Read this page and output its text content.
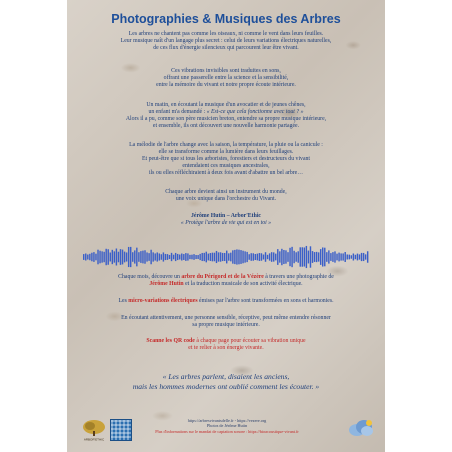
Photographies & Musiques des Arbres

Les arbres ne chantent pas comme les oiseaux, ni comme le vent dans leurs feuilles.

Leur musique naît d'un langage plus secret : celui de leurs variations électriques naturelles,

de ces flux d'énergie silencieux qui parcourent leur être vivant.

Ces vibrations invisibles sont traduites en sons,

offrant une passerelle entre la science et la sensibilité,

entre la mémoire du vivant et notre propre écoute intérieure.

Un matin, en écoutant la musique d'un avocatier et de jeunes chênes,

un enfant m'a demandé : « Est-ce que cela fonctionne avec tout ? »

Alors il a pu, comme son père musicien breton, entendre sa propre musique intérieure,

et ensemble, ils ont découvert une nouvelle harmonie partagée.

La mélodie de l'arbre change avec la saison, la température, la pluie ou la canicule :

elle se transforme comme la lumière dans leurs feuillages.

Et peut-être que si tous les arboristes, forestiers et destructeurs du vivant

entendaient ces musiques ancestrales,

ils ou elles réfléchiraient à deux fois avant d'abattre un bel arbre…

Chaque arbre devient ainsi un instrument du monde,

une voix unique dans l'orchestre du Vivant.

Jérôme Hutin – Arbor'Ethic

« Protège l'arbre de vie qui est en toi »

Chaque mois, découvre un arbre du Périgord et de la Vézère à travers une photographie de

Jérôme Hutin et la traduction musicale de son activité électrique.

Les micro-variations électriques émises par l'arbre sont transformées en sons et harmonies.

En écoutant attentivement, une personne sensible, réceptive, peut même entendre résonner

sa propre musique intérieure.

Scanne les QR code à chaque page pour écouter sa vibration unique

et te relier à son énergie vivante.

« Les arbres parlent, disaient les anciens,
mais les hommes modernes ont oublié comment les écouter. »
ARBOR'ETHIC

https://arbresvivantsdelle.fr - https://vezere.org

Photos de Jérôme Hutin

Plus d'informations sur le mandat de captation sonore : https://bioacoustique-vivant.fr
